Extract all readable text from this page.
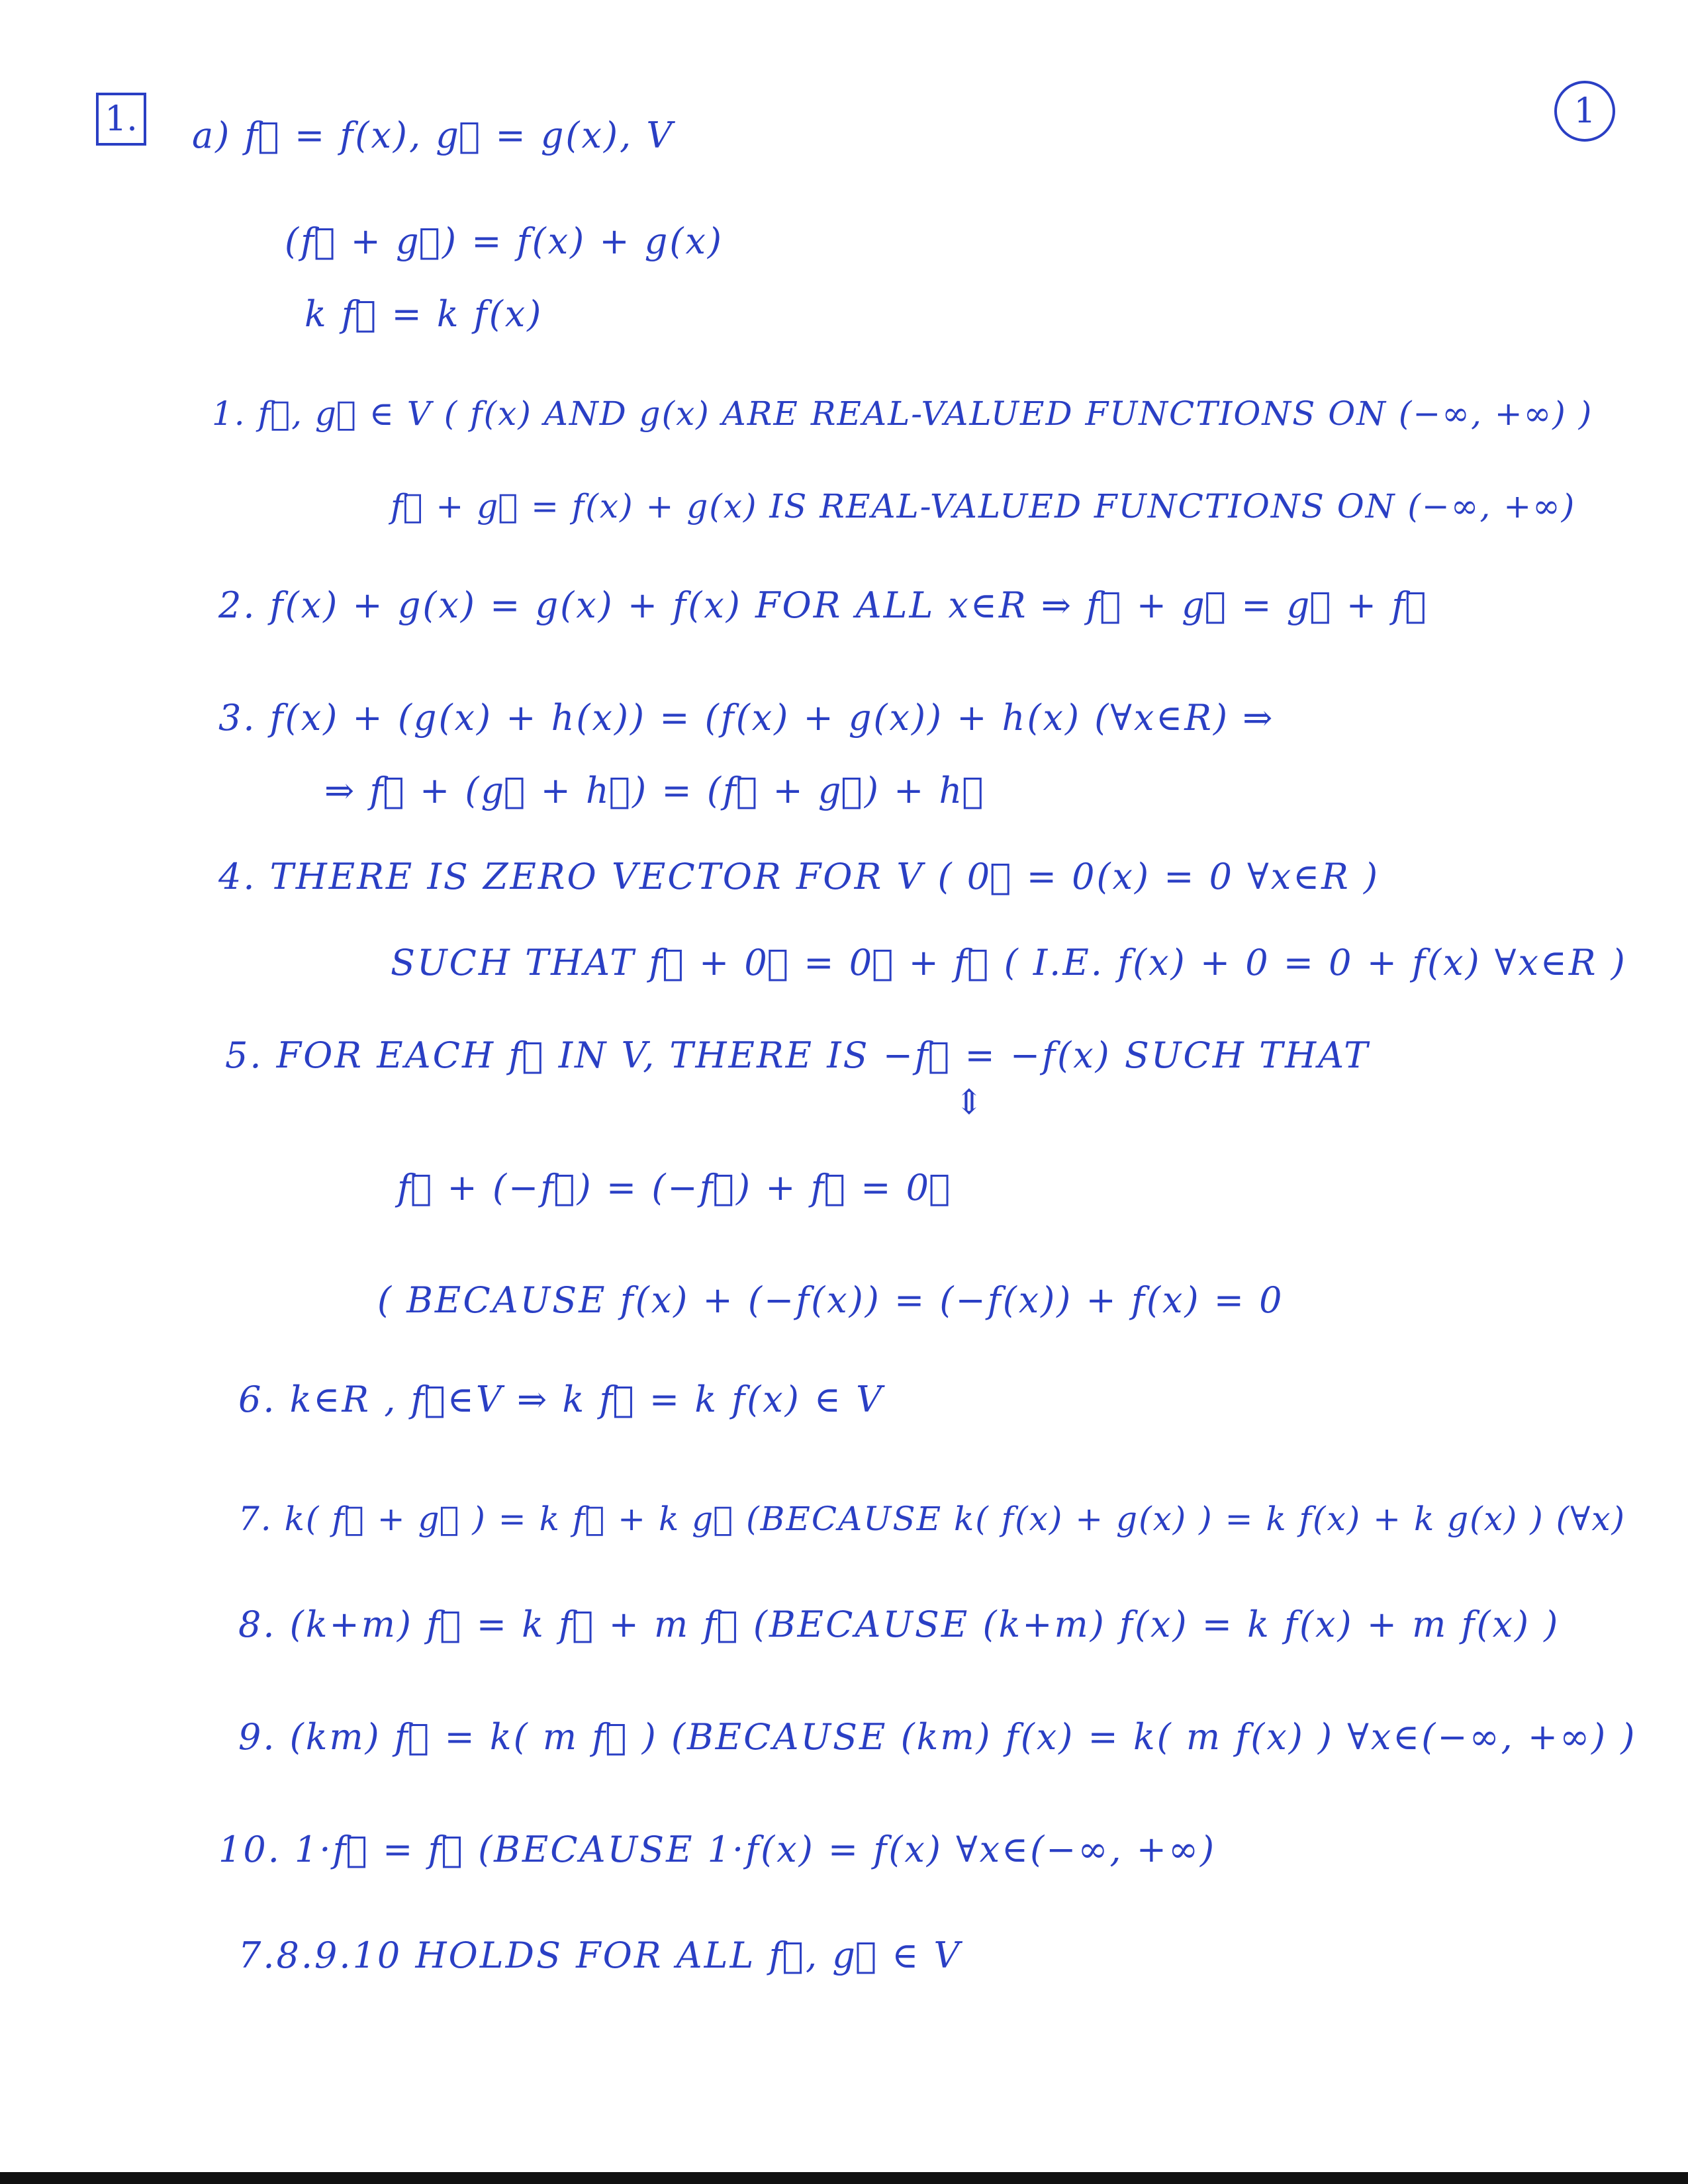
1.	1
a) f⃗ = f(x), g⃗ = g(x), V
(f⃗ + g⃗) = f(x) + g(x)
k f⃗ = k f(x)
1. f⃗, g⃗ ∈ V ( f(x) AND g(x) ARE REAL-VALUED FUNCTIONS ON (−∞, +∞) )
f⃗ + g⃗ = f(x) + g(x) IS REAL-VALUED FUNCTIONS ON (−∞, +∞)
2. f(x) + g(x) = g(x) + f(x) FOR ALL x∈R ⇒ f⃗ + g⃗ = g⃗ + f⃗
3. f(x) + (g(x) + h(x)) = (f(x) + g(x)) + h(x) (∀x∈R) ⇒
⇒ f⃗ + (g⃗ + h⃗) = (f⃗ + g⃗) + h⃗
4. THERE IS ZERO VECTOR FOR V ( 0⃗ = 0(x) = 0 ∀x∈R )
SUCH THAT f⃗ + 0⃗ = 0⃗ + f⃗ ( I.E. f(x) + 0 = 0 + f(x) ∀x∈R )
5. FOR EACH f⃗ IN V, THERE IS −f⃗ = −f(x) SUCH THAT
⇕
f⃗ + (−f⃗) = (−f⃗) + f⃗ = 0⃗
( BECAUSE f(x) + (−f(x)) = (−f(x)) + f(x) = 0
6. k∈R , f⃗∈V ⇒ k f⃗ = k f(x) ∈ V
7. k( f⃗ + g⃗ ) = k f⃗ + k g⃗ (BECAUSE k( f(x) + g(x) ) = k f(x) + k g(x) ) (∀x)
8. (k+m) f⃗ = k f⃗ + m f⃗ (BECAUSE (k+m) f(x) = k f(x) + m f(x) )
9. (km) f⃗ = k( m f⃗ ) (BECAUSE (km) f(x) = k( m f(x) ) ∀x∈(−∞, +∞) )
10. 1·f⃗ = f⃗ (BECAUSE 1·f(x) = f(x) ∀x∈(−∞, +∞)
7.8.9.10 HOLDS FOR ALL f⃗, g⃗ ∈ V
